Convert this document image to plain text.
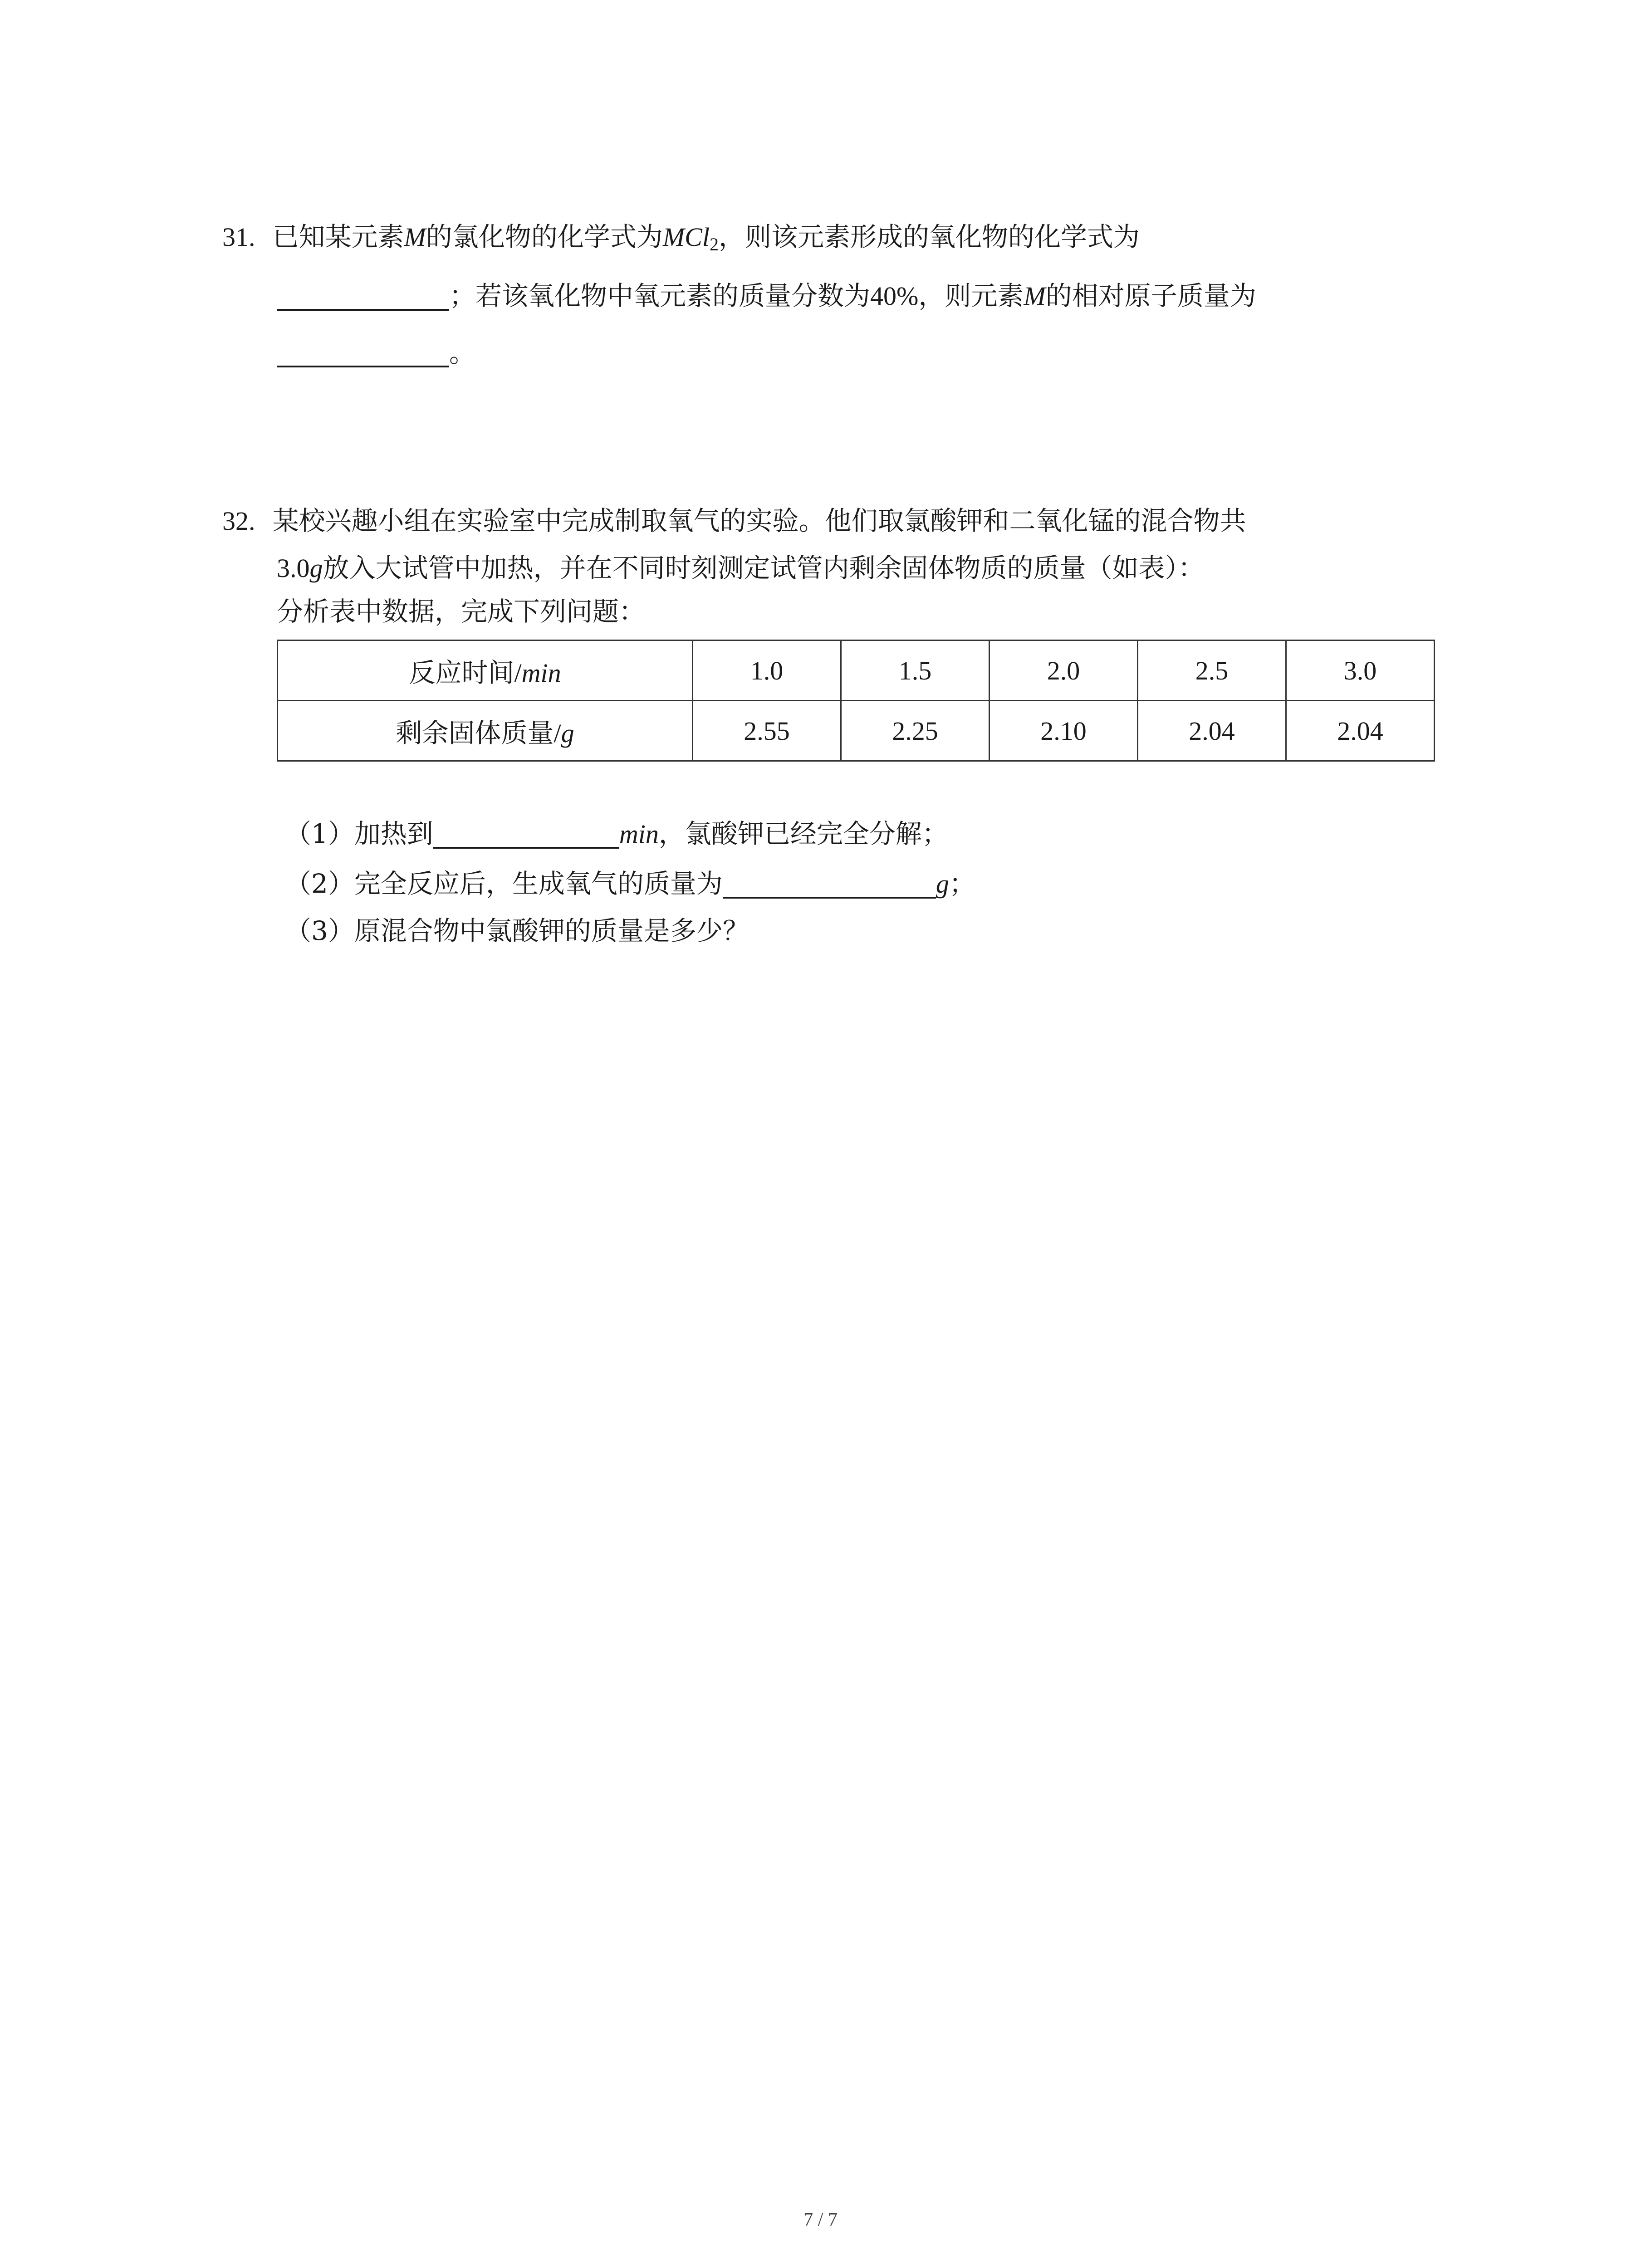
31. 已知某元素M的氯化物的化学式为MCl$_2$，则该元素形成的氧化物的化学式为
；若该氧化物中氧元素的质量分数为40%，则元素M的相对原子质量为
。
32. 某校兴趣小组在实验室中完成制取氧气的实验。他们取氯酸钾和二氧化锰的混合物共
3.0g放入大试管中加热，并在不同时刻测定试管内剩余固体物质的质量（如表）：
分析表中数据，完成下列问题：
反应时间/min	1.0	1.5	2.0	2.5	3.0
剩余固体质量/g	2.55	2.25	2.10	2.04	2.04
（1）加热到	min，氯酸钾已经完全分解；
（2）完全反应后，生成氧气的质量为	g；
（3）原混合物中氯酸钾的质量是多少？
7 / 7
